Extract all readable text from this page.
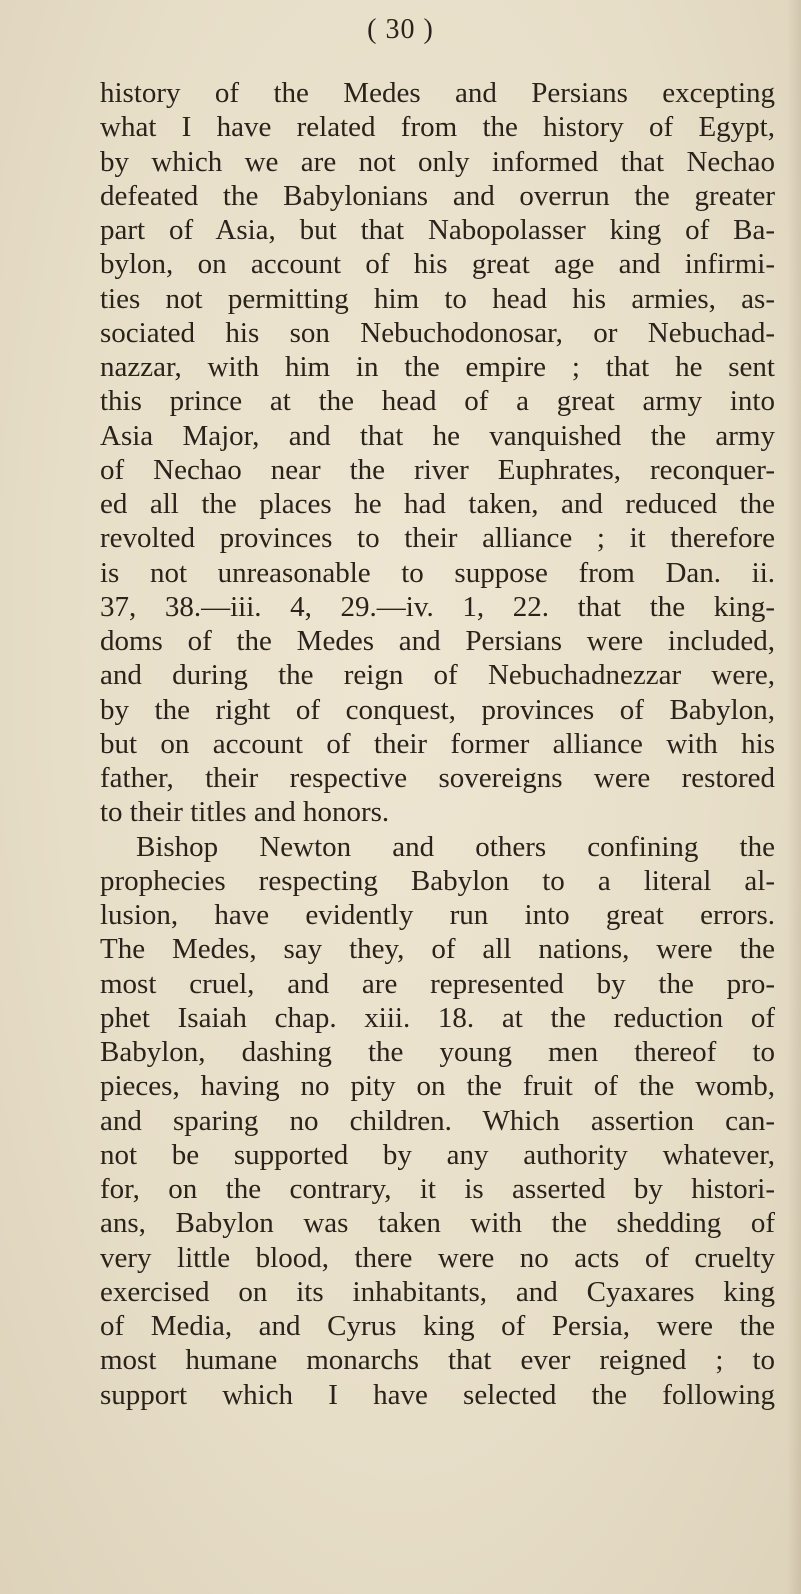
( 30 )
history of the Medes and Persians excepting
what I have related from the history of Egypt,
by which we are not only informed that Nechao
defeated the Babylonians and overrun the greater
part of Asia, but that Nabopolasser king of Ba-
bylon, on account of his great age and infirmi-
ties not permitting him to head his armies, as-
sociated his son Nebuchodonosar, or Nebuchad-
nazzar, with him in the empire ; that he sent
this prince at the head of a great army into
Asia Major, and that he vanquished the army
of Nechao near the river Euphrates, reconquer-
ed all the places he had taken, and reduced the
revolted provinces to their alliance ; it therefore
is not unreasonable to suppose from Dan. ii.
37, 38.—iii. 4, 29.—iv. 1, 22. that the king-
doms of the Medes and Persians were included,
and during the reign of Nebuchadnezzar were,
by the right of conquest, provinces of Babylon,
but on account of their former alliance with his
father, their respective sovereigns were restored
to their titles and honors.
Bishop Newton and others confining the
prophecies respecting Babylon to a literal al-
lusion, have evidently run into great errors.
The Medes, say they, of all nations, were the
most cruel, and are represented by the pro-
phet Isaiah chap. xiii. 18. at the reduction of
Babylon, dashing the young men thereof to
pieces, having no pity on the fruit of the womb,
and sparing no children. Which assertion can-
not be supported by any authority whatever,
for, on the contrary, it is asserted by histori-
ans, Babylon was taken with the shedding of
very little blood, there were no acts of cruelty
exercised on its inhabitants, and Cyaxares king
of Media, and Cyrus king of Persia, were the
most humane monarchs that ever reigned ; to
support which I have selected the following
